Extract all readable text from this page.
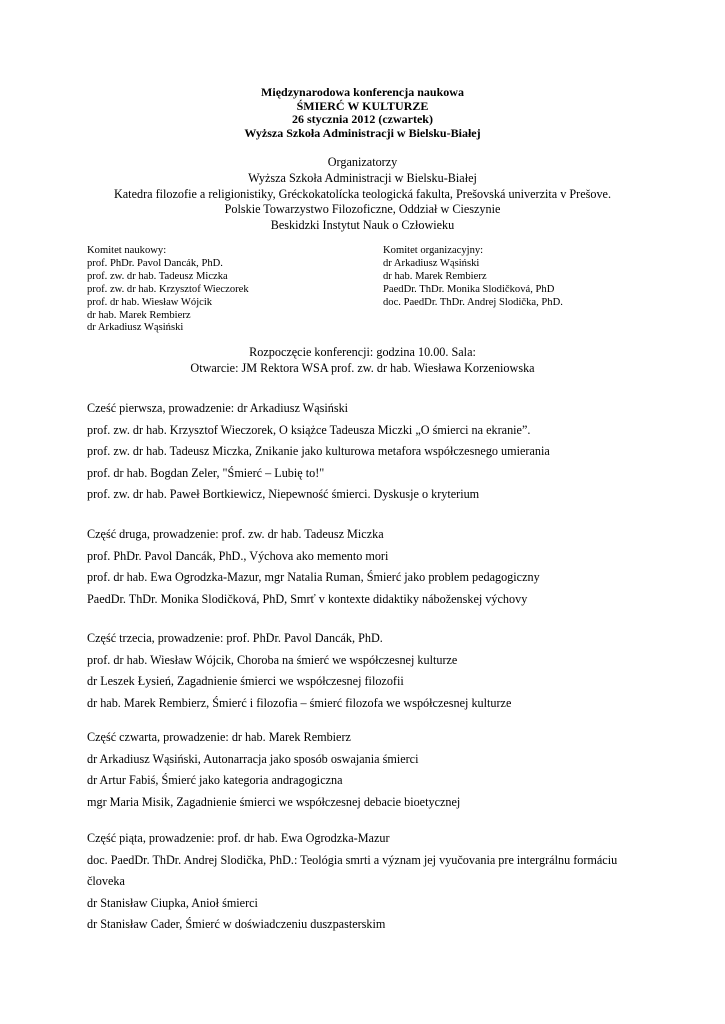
Międzynarodowa konferencja naukowa
ŚMIERĆ W KULTURZE
26 stycznia 2012 (czwartek)
Wyższa Szkoła Administracji w Bielsku-Białej
Organizatorzy
Wyższa Szkoła Administracji w Bielsku-Białej
Katedra filozofie a religionistiky, Gréckokatolícka teologická fakulta, Prešovská univerzita v Prešove.
Polskie Towarzystwo Filozoficzne, Oddział w Cieszynie
Beskidzki Instytut Nauk o Człowieku
Komitet naukowy:
prof. PhDr. Pavol Dancák, PhD.
prof. zw. dr hab. Tadeusz Miczka
prof. zw. dr hab. Krzysztof Wieczorek
prof. dr hab. Wiesław Wójcik
dr hab. Marek Rembierz
dr Arkadiusz Wąsiński
Komitet organizacyjny:
dr Arkadiusz Wąsiński
dr hab. Marek Rembierz
PaedDr. ThDr. Monika Slodičková, PhD
doc. PaedDr. ThDr. Andrej Slodička, PhD.
Rozpoczęcie konferencji: godzina 10.00. Sala:
Otwarcie: JM Rektora WSA prof. zw. dr hab. Wiesława Korzeniowska
Cześć pierwsza, prowadzenie: dr Arkadiusz Wąsiński
prof. zw. dr hab. Krzysztof Wieczorek, O książce Tadeusza Miczki „O śmierci na ekranie”.
prof. zw. dr hab. Tadeusz Miczka, Znikanie jako kulturowa metafora współczesnego umierania
prof. dr hab. Bogdan Zeler, "Śmierć – Lubię to!"
prof. zw. dr hab. Paweł Bortkiewicz, Niepewność śmierci. Dyskusje o kryterium
Część druga, prowadzenie: prof. zw. dr hab. Tadeusz Miczka
prof. PhDr. Pavol Dancák, PhD., Výchova ako memento mori
prof. dr hab. Ewa Ogrodzka-Mazur, mgr Natalia Ruman, Śmierć jako problem pedagogiczny
PaedDr. ThDr. Monika Slodičková, PhD, Smrť v kontexte didaktiky náboženskej výchovy
Część trzecia, prowadzenie: prof. PhDr. Pavol Dancák, PhD.
prof. dr hab. Wiesław Wójcik, Choroba na śmierć we współczesnej kulturze
dr Leszek Łysień, Zagadnienie śmierci we współczesnej filozofii
dr hab. Marek Rembierz, Śmierć i filozofia – śmierć filozofa we współczesnej kulturze
Część czwarta, prowadzenie: dr hab. Marek Rembierz
dr Arkadiusz Wąsiński, Autonarracja jako sposób oswajania śmierci
dr Artur Fabiś, Śmierć jako kategoria andragogiczna
mgr Maria Misik, Zagadnienie śmierci we współczesnej debacie bioetycznej
Część piąta, prowadzenie: prof. dr hab. Ewa Ogrodzka-Mazur
doc. PaedDr. ThDr. Andrej Slodička, PhD.: Teológia smrti a význam jej vyučovania pre intergrálnu formáciu človeka
dr Stanisław Ciupka, Anioł śmierci
dr Stanisław Cader, Śmierć w doświadczeniu duszpasterskim
